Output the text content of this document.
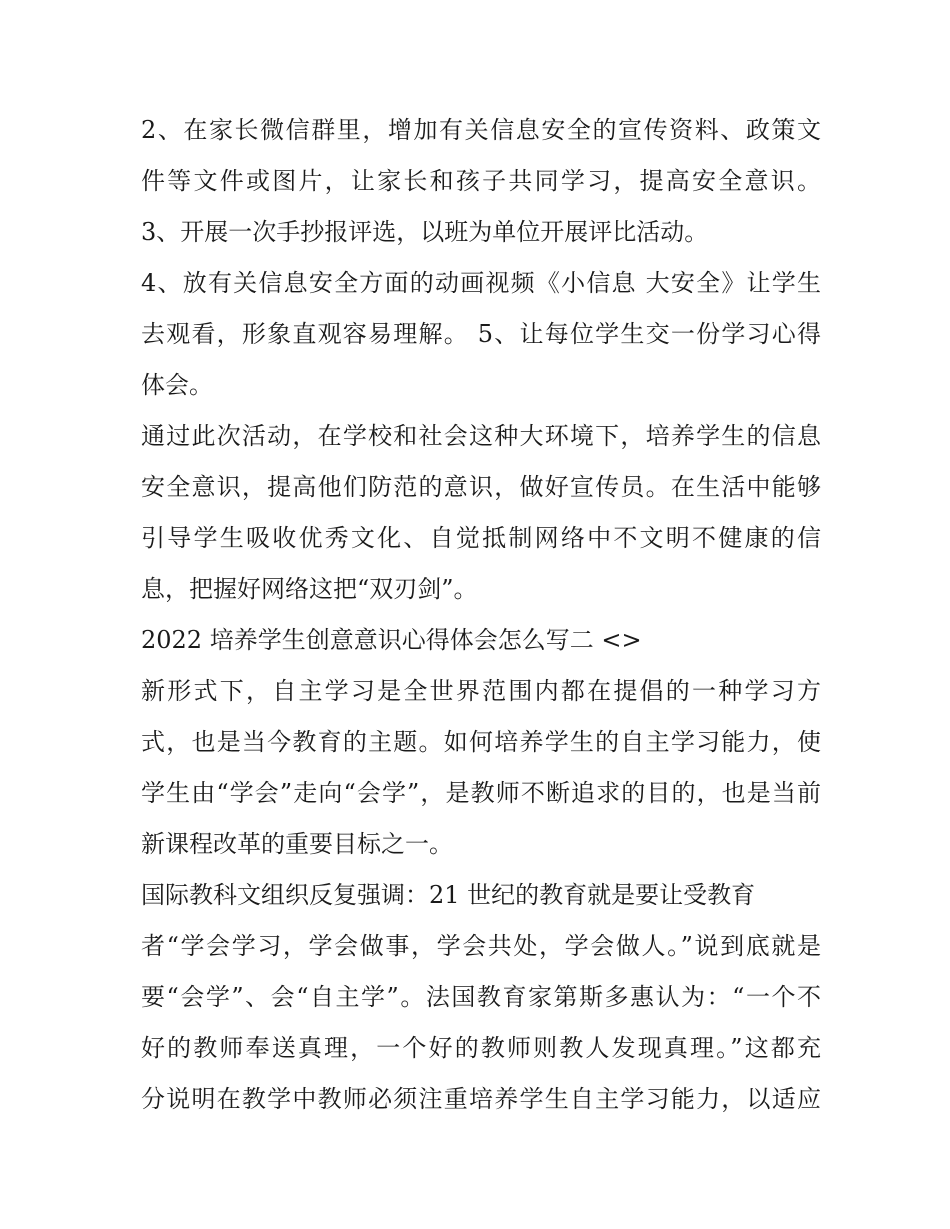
2、在家长微信群里，增加有关信息安全的宣传资料、政策文
件等文件或图片，让家长和孩子共同学习，提高安全意识。
3、开展一次手抄报评选，以班为单位开展评比活动。
4、放有关信息安全方面的动画视频《小信息 大安全》让学生
去观看，形象直观容易理解。 5、让每位学生交一份学习心得
体会。
通过此次活动，在学校和社会这种大环境下，培养学生的信息
安全意识，提高他们防范的意识，做好宣传员。在生活中能够
引导学生吸收优秀文化、自觉抵制网络中不文明不健康的信
息，把握好网络这把“双刃剑”。
2022 培养学生创意意识心得体会怎么写二 <>
新形式下，自主学习是全世界范围内都在提倡的一种学习方
式，也是当今教育的主题。如何培养学生的自主学习能力，使
学生由“学会”走向“会学”，是教师不断追求的目的，也是当前
新课程改革的重要目标之一。
国际教科文组织反复强调：21 世纪的教育就是要让受教育
者“学会学习，学会做事，学会共处，学会做人。”说到底就是
要“会学”、会“自主学”。法国教育家第斯多惠认为：“一个不
好的教师奉送真理，一个好的教师则教人发现真理。”这都充
分说明在教学中教师必须注重培养学生自主学习能力，以适应
